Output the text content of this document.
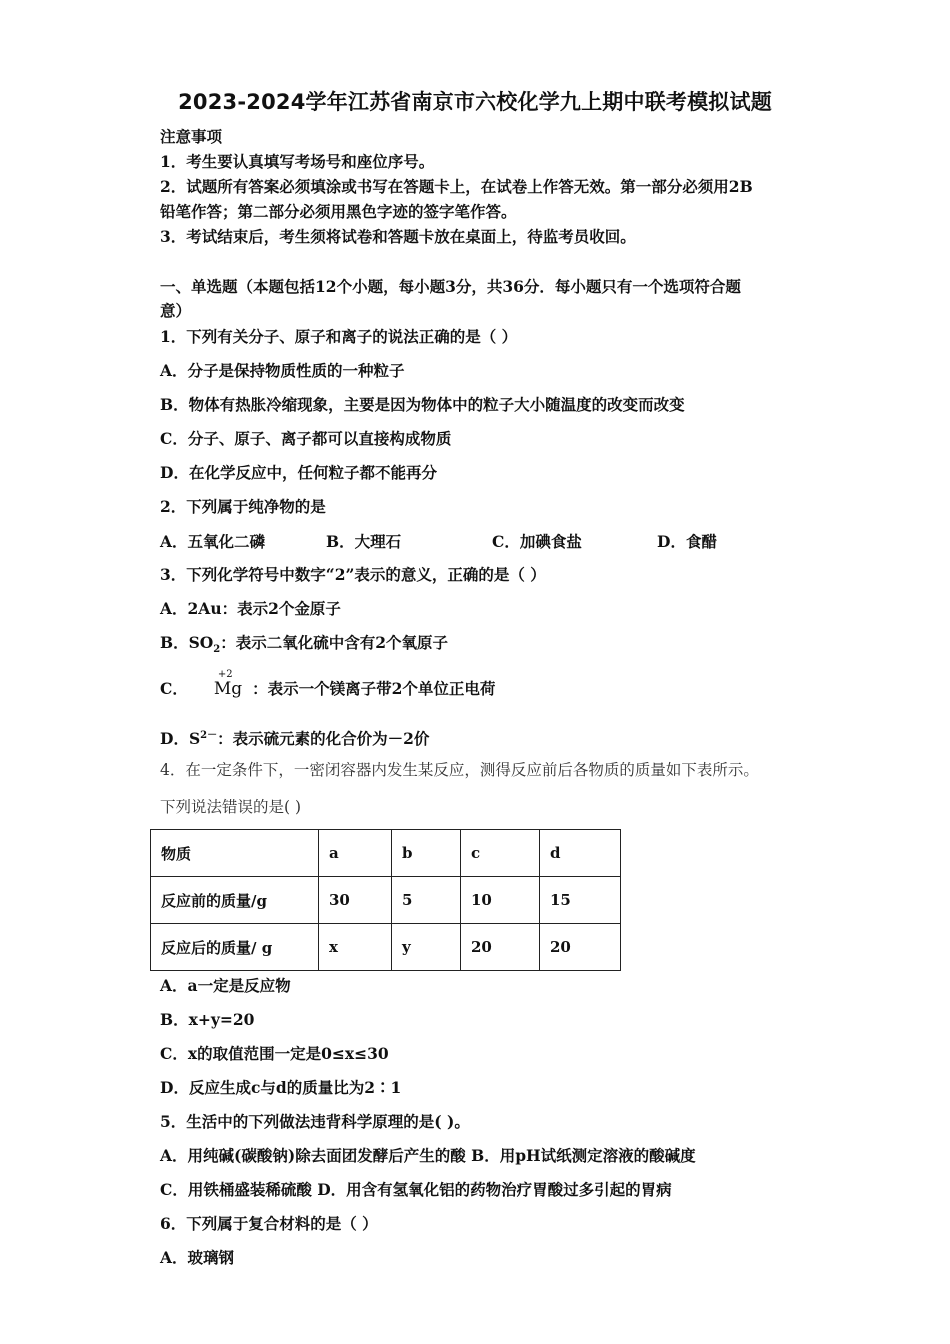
2023-2024学年江苏省南京市六校化学九上期中联考模拟试题
注意事项
1．考生要认真填写考场号和座位序号。
2．试题所有答案必须填涂或书写在答题卡上，在试卷上作答无效。第一部分必须用2B
铅笔作答；第二部分必须用黑色字迹的签字笔作答。
3．考试结束后，考生须将试卷和答题卡放在桌面上，待监考员收回。
一、单选题（本题包括12个小题，每小题3分，共36分．每小题只有一个选项符合题
意）
1．下列有关分子、原子和离子的说法正确的是（ ）
A．分子是保持物质性质的一种粒子
B．物体有热胀冷缩现象，主要是因为物体中的粒子大小随温度的改变而改变
C．分子、原子、离子都可以直接构成物质
D．在化学反应中，任何粒子都不能再分
2．下列属于纯净物的是
A．五氧化二磷	B．大理石	C．加碘食盐	D．食醋
3．下列化学符号中数字“2”表示的意义，正确的是（ ）
A．2Au：表示2个金原子
B．$SO_2$：表示二氧化硫中含有2个氧原子
C．
+2
Mg ：表示一个镁离子带2个单位正电荷
D．$S^{2-}$：表示硫元素的化合价为－2价
4．在一定条件下，一密闭容器内发生某反应，测得反应前后各物质的质量如下表所示。
下列说法错误的是( )
物质	a	b	c	d
反应前的质量/g	30	5	10	15
反应后的质量/ g	x	y	20	20
A．a一定是反应物
B．x+y=20
C．x的取值范围一定是0≤x≤30
D．反应生成c与d的质量比为2∶1
5．生活中的下列做法违背科学原理的是( )。
A．用纯碱(碳酸钠)除去面团发酵后产生的酸 B．用pH试纸测定溶液的酸碱度
C．用铁桶盛装稀硫酸 D．用含有氢氧化铝的药物治疗胃酸过多引起的胃病
6．下列属于复合材料的是（ ）
A．玻璃钢
